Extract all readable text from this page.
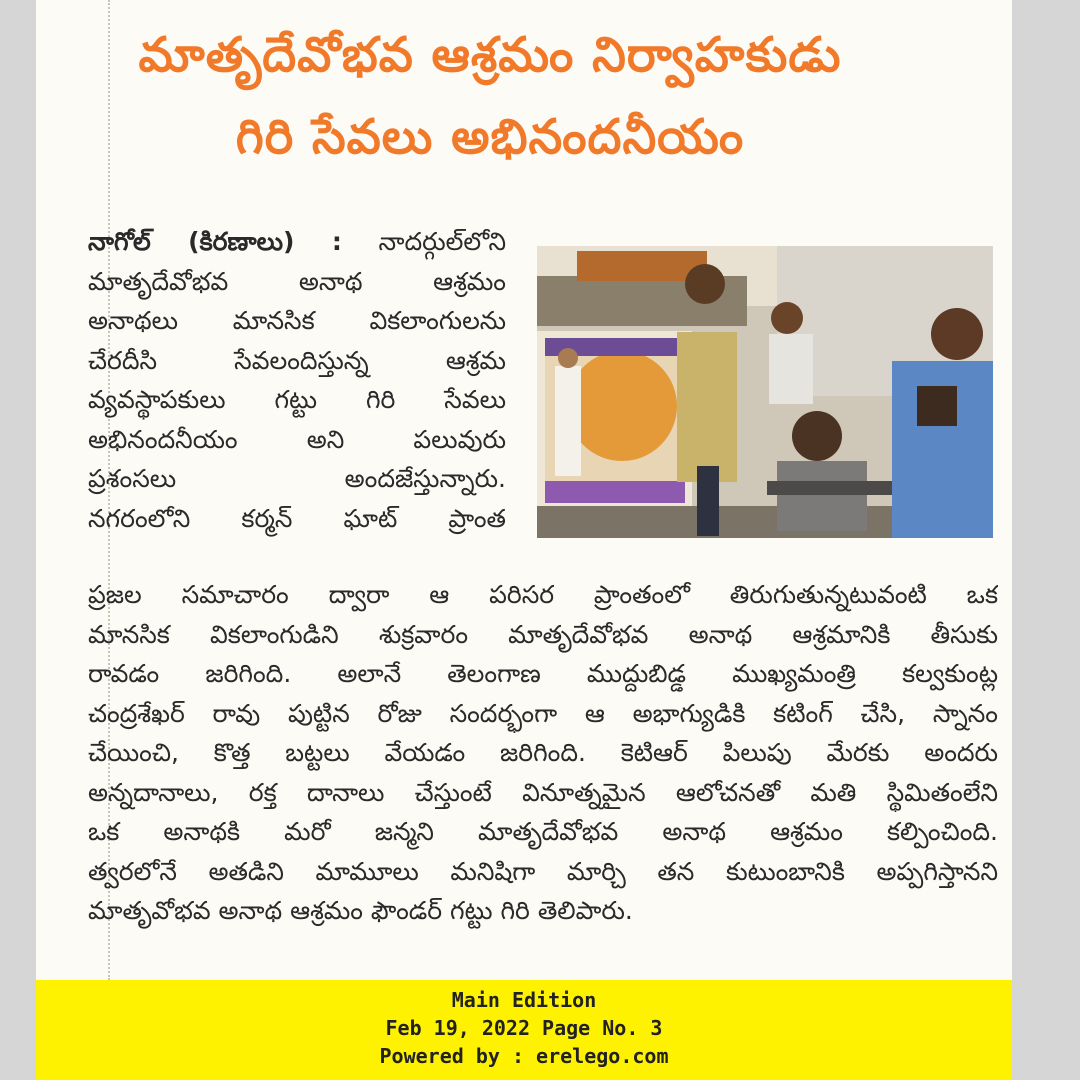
మాతృదేవోభవ ఆశ్రమం నిర్వాహకుడు
గిరి సేవలు అభినందనీయం
నాగోల్ (కిరణాలు) : నాదర్గుల్‌లోని
మాతృదేవోభవ అనాథ ఆశ్రమం
అనాథలు మానసిక వికలాంగులను
చేరదీసి సేవలందిస్తున్న ఆశ్రమ
వ్యవస్థాపకులు గట్టు గిరి సేవలు
అభినందనీయం అని పలువురు
ప్రశంసలు అందజేస్తున్నారు.
నగరంలోని కర్మన్ ఘాట్ ప్రాంత
ప్రజల సమాచారం ద్వారా ఆ పరిసర ప్రాంతంలో తిరుగుతున్నటువంటి ఒక
మానసిక వికలాంగుడిని శుక్రవారం మాతృదేవోభవ అనాథ ఆశ్రమానికి తీసుకు
రావడం జరిగింది. అలానే తెలంగాణ ముద్దుబిడ్డ ముఖ్యమంత్రి కల్వకుంట్ల
చంద్రశేఖర్ రావు పుట్టిన రోజు సందర్భంగా ఆ అభాగ్యుడికి కటింగ్ చేసి, స్నానం
చేయించి, కొత్త బట్టలు వేయడం జరిగింది. కెటిఆర్ పిలుపు మేరకు అందరు
అన్నదానాలు, రక్త దానాలు చేస్తుంటే వినూత్నమైన ఆలోచనతో మతి స్థిమితంలేని
ఒక అనాథకి మరో జన్మని మాతృదేవోభవ అనాథ ఆశ్రమం కల్పించింది.
త్వరలోనే అతడిని మామూలు మనిషిగా మార్చి తన కుటుంబానికి అప్పగిస్తానని
మాతృవోభవ అనాథ ఆశ్రమం ఫౌండర్ గట్టు గిరి తెలిపారు.
Main Edition
Feb 19, 2022 Page No. 3
Powered by : erelego.com
